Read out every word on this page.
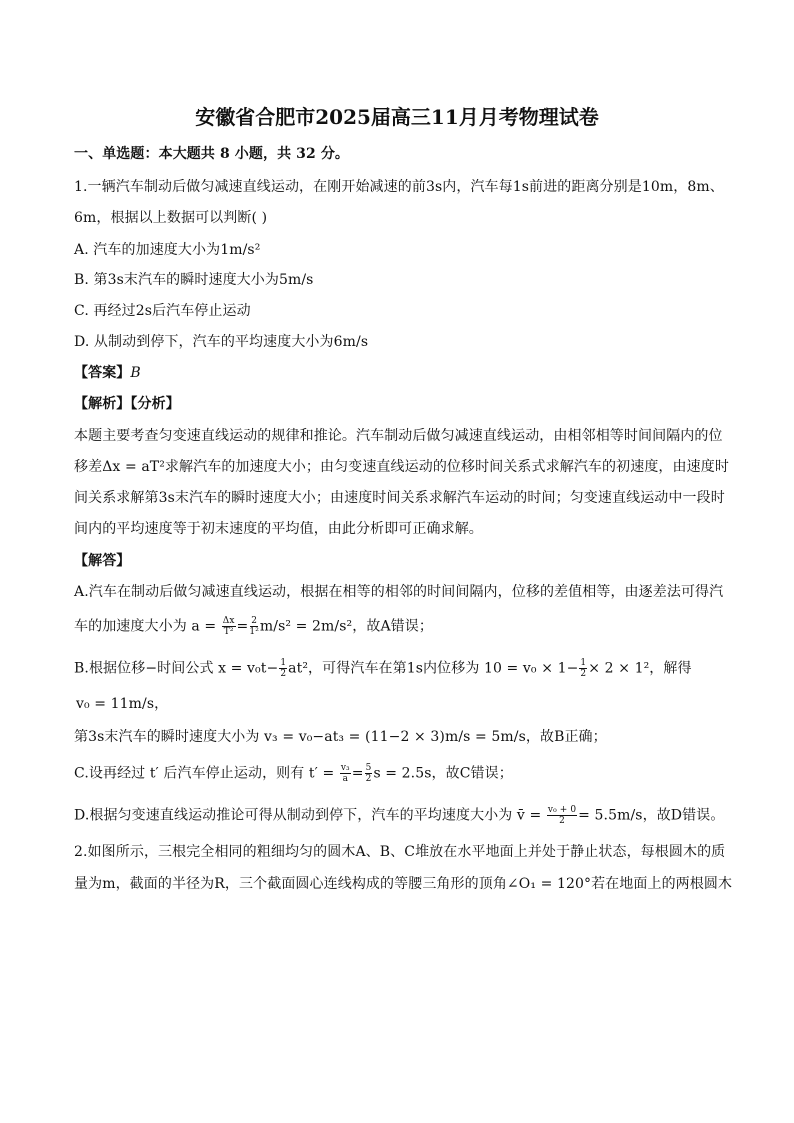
安徽省合肥市2025届高三11月月考物理试卷
一、单选题：本大题共 8 小题，共 32 分。
1.一辆汽车制动后做匀减速直线运动，在刚开始减速的前3s内，汽车每1s前进的距离分别是10m，8m、
6m，根据以上数据可以判断( )
A. 汽车的加速度大小为1m/s²
B. 第3s末汽车的瞬时速度大小为5m/s
C. 再经过2s后汽车停止运动
D. 从制动到停下，汽车的平均速度大小为6m/s
【答案】B
【解析】【分析】
本题主要考查匀变速直线运动的规律和推论。汽车制动后做匀减速直线运动，由相邻相等时间间隔内的位
移差Δx = aT²求解汽车的加速度大小；由匀变速直线运动的位移时间关系式求解汽车的初速度，由速度时
间关系求解第3s末汽车的瞬时速度大小；由速度时间关系求解汽车运动的时间；匀变速直线运动中一段时
间内的平均速度等于初末速度的平均值，由此分析即可正确求解。
【解答】
A.汽车在制动后做匀减速直线运动，根据在相等的相邻的时间间隔内，位移的差值相等，由逐差法可得汽
车的加速度大小为 $a = \frac{\Delta x}{\text{T²}} = \frac{2}{\text{1²}} m/s^2 = 2m/s^2$，故A错误；
B.根据位移−时间公式 $x = v_0t- \frac{1}{2} at^2$，可得汽车在第1s内位移为 $10 = v_0 \times 1- \frac{1}{2} \times 2 \times 1^2$，解得
v₀ = 11m/s，
第3s末汽车的瞬时速度大小为 v₃ = v₀−at₃ = (11−2 × 3)m/s = 5m/s，故B正确；
C.设再经过 t′ 后汽车停止运动，则有 $t' = \frac{\text{v₃}}{a} = \frac{5}{2}$ s = 2.5s，故C错误；
D.根据匀变速直线运动推论可得从制动到停下，汽车的平均速度大小为 v̄ = $\frac{\text{v₀ + 0}}{2} = 5.5m/s$，故D错误。
2.如图所示，三根完全相同的粗细均匀的圆木A、B、C堆放在水平地面上并处于静止状态，每根圆木的质
量为m，截面的半径为R，三个截面圆心连线构成的等腰三角形的顶角∠O₁ = 120°若在地面上的两根圆木
